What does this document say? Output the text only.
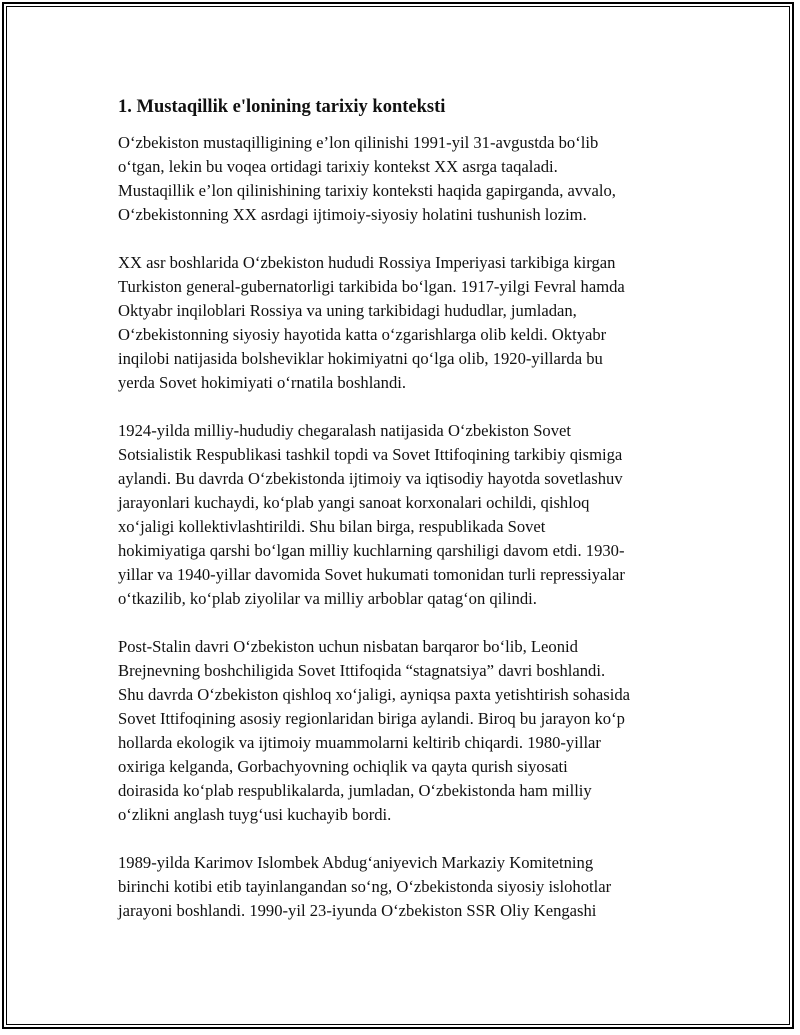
1. Mustaqillik e'lonining tarixiy konteksti

O‘zbekiston mustaqilligining e’lon qilinishi 1991-yil 31-avgustda bo‘lib
o‘tgan, lekin bu voqea ortidagi tarixiy kontekst XX asrga taqaladi.
Mustaqillik e’lon qilinishining tarixiy konteksti haqida gapirganda, avvalo,
O‘zbekistonning XX asrdagi ijtimoiy-siyosiy holatini tushunish lozim.

XX asr boshlarida O‘zbekiston hududi Rossiya Imperiyasi tarkibiga kirgan
Turkiston general-gubernatorligi tarkibida bo‘lgan. 1917-yilgi Fevral hamda
Oktyabr inqiloblari Rossiya va uning tarkibidagi hududlar, jumladan,
O‘zbekistonning siyosiy hayotida katta o‘zgarishlarga olib keldi. Oktyabr
inqilobi natijasida bolsheviklar hokimiyatni qo‘lga olib, 1920-yillarda bu
yerda Sovet hokimiyati o‘rnatila boshlandi.

1924-yilda milliy-hududiy chegaralash natijasida O‘zbekiston Sovet
Sotsialistik Respublikasi tashkil topdi va Sovet Ittifoqining tarkibiy qismiga
aylandi. Bu davrda O‘zbekistonda ijtimoiy va iqtisodiy hayotda sovetlashuv
jarayonlari kuchaydi, ko‘plab yangi sanoat korxonalari ochildi, qishloq
xo‘jaligi kollektivlashtirildi. Shu bilan birga, respublikada Sovet
hokimiyatiga qarshi bo‘lgan milliy kuchlarning qarshiligi davom etdi. 1930-
yillar va 1940-yillar davomida Sovet hukumati tomonidan turli repressiyalar
o‘tkazilib, ko‘plab ziyolilar va milliy arboblar qatag‘on qilindi.

Post-Stalin davri O‘zbekiston uchun nisbatan barqaror bo‘lib, Leonid
Brejnevning boshchiligida Sovet Ittifoqida “stagnatsiya” davri boshlandi.
Shu davrda O‘zbekiston qishloq xo‘jaligi, ayniqsa paxta yetishtirish sohasida
Sovet Ittifoqining asosiy regionlaridan biriga aylandi. Biroq bu jarayon ko‘p
hollarda ekologik va ijtimoiy muammolarni keltirib chiqardi. 1980-yillar
oxiriga kelganda, Gorbachyovning ochiqlik va qayta qurish siyosati
doirasida ko‘plab respublikalarda, jumladan, O‘zbekistonda ham milliy
o‘zlikni anglash tuyg‘usi kuchayib bordi.

1989-yilda Karimov Islombek Abdug‘aniyevich Markaziy Komitetning
birinchi kotibi etib tayinlangandan so‘ng, O‘zbekistonda siyosiy islohotlar
jarayoni boshlandi. 1990-yil 23-iyunda O‘zbekiston SSR Oliy Kengashi
